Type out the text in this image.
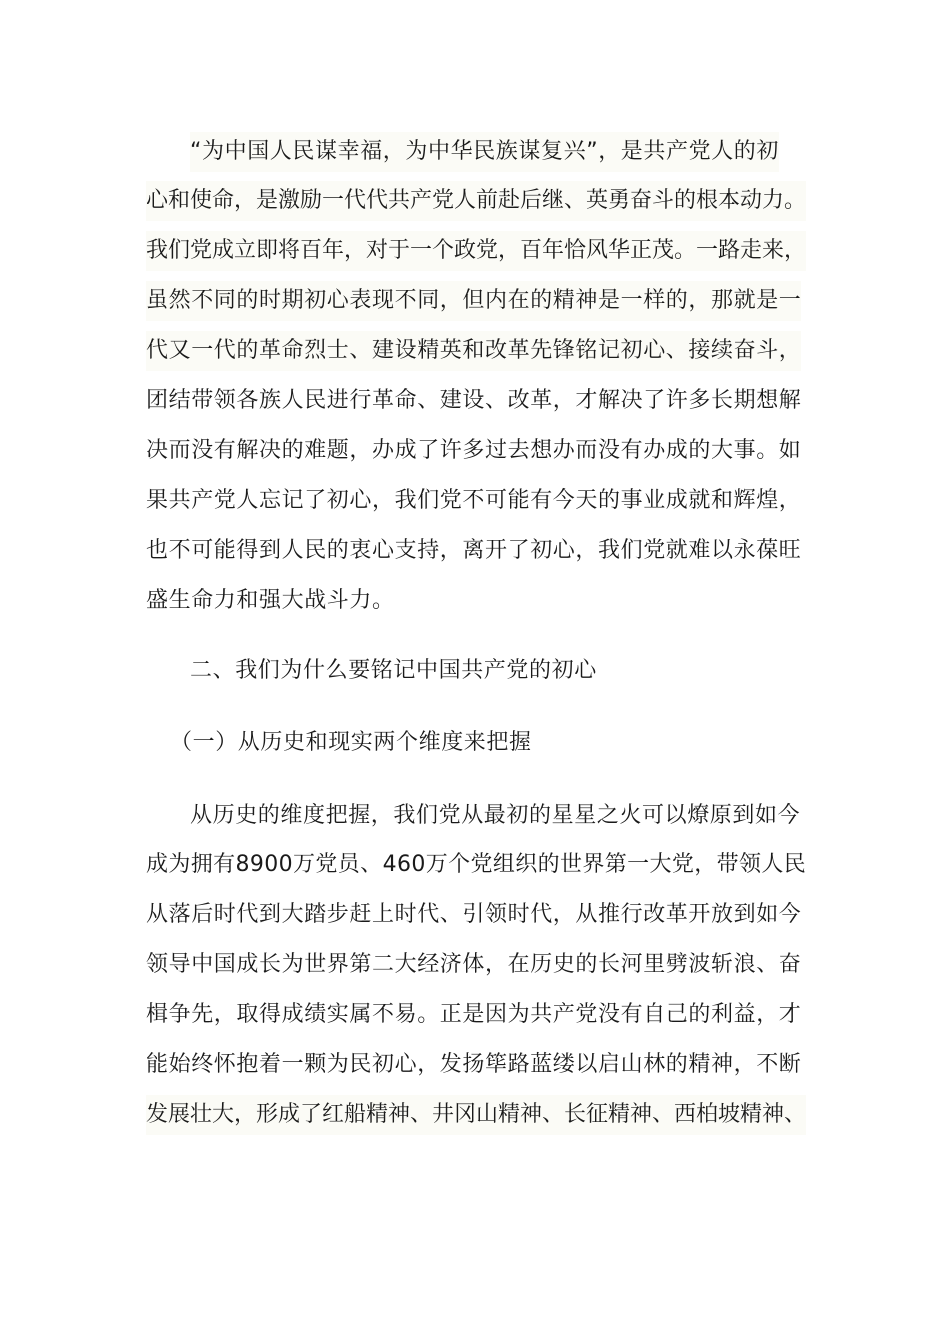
“为中国人民谋幸福，为中华民族谋复兴”，是共产党人的初
心和使命，是激励一代代共产党人前赴后继、英勇奋斗的根本动力。
我们党成立即将百年，对于一个政党，百年恰风华正茂。一路走来，
虽然不同的时期初心表现不同，但内在的精神是一样的，那就是一
代又一代的革命烈士、建设精英和改革先锋铭记初心、接续奋斗，
团结带领各族人民进行革命、建设、改革，才解决了许多长期想解
决而没有解决的难题，办成了许多过去想办而没有办成的大事。如
果共产党人忘记了初心，我们党不可能有今天的事业成就和辉煌，
也不可能得到人民的衷心支持，离开了初心，我们党就难以永葆旺
盛生命力和强大战斗力。
二、我们为什么要铭记中国共产党的初心
（一）从历史和现实两个维度来把握
从历史的维度把握，我们党从最初的星星之火可以燎原到如今
成为拥有8900万党员、460万个党组织的世界第一大党，带领人民
从落后时代到大踏步赶上时代、引领时代，从推行改革开放到如今
领导中国成长为世界第二大经济体，在历史的长河里劈波斩浪、奋
楫争先，取得成绩实属不易。正是因为共产党没有自己的利益，才
能始终怀抱着一颗为民初心，发扬筚路蓝缕以启山林的精神，不断
发展壮大，形成了红船精神、井冈山精神、长征精神、西柏坡精神、
